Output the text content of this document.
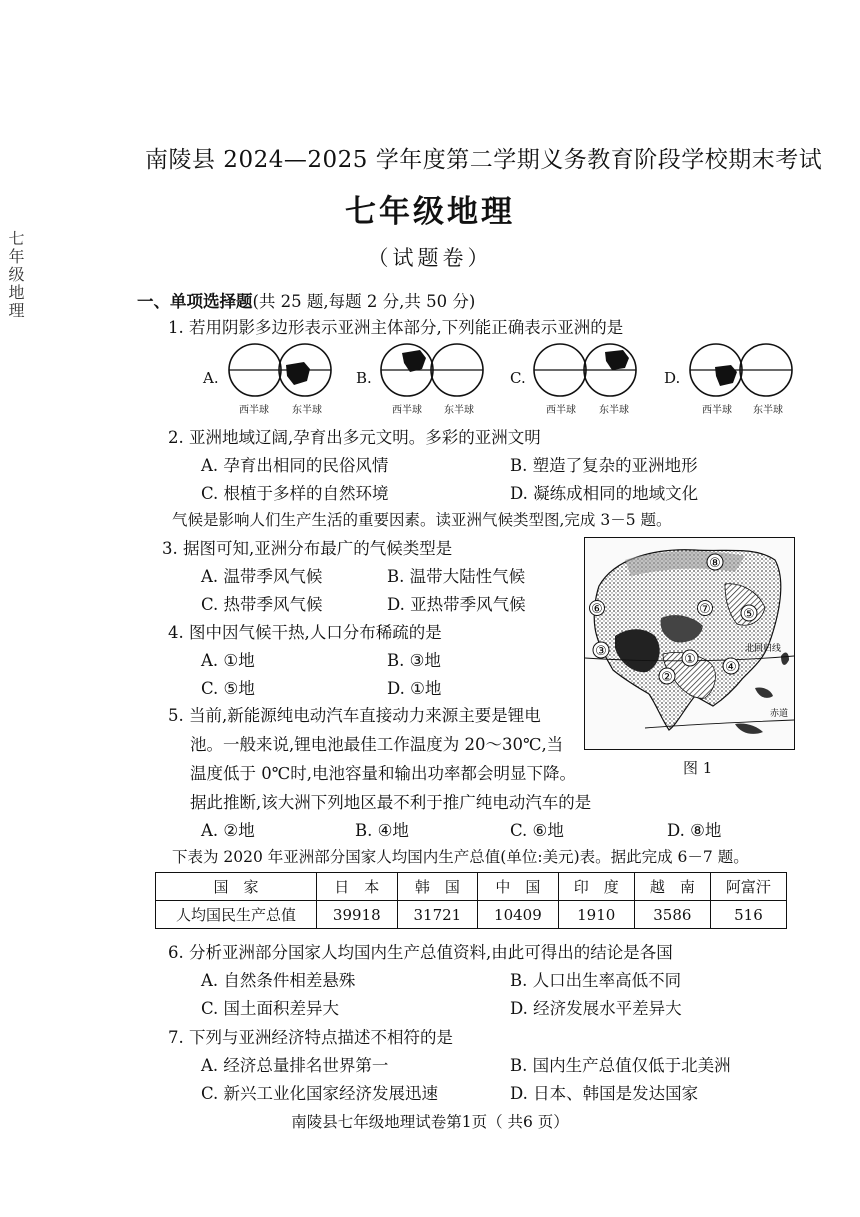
七年级地理
南陵县 2024—2025 学年度第二学期义务教育阶段学校期末考试
七年级地理
（试题卷）
一、单项选择题(共 25 题,每题 2 分,共 50 分)
1. 若用阴影多边形表示亚洲主体部分,下列能正确表示亚洲的是
A.
西半球 东半球
B.
西半球 东半球
C.
西半球 东半球
D.
西半球 东半球
2. 亚洲地域辽阔,孕育出多元文明。多彩的亚洲文明
A. 孕育出相同的民俗风情	B. 塑造了复杂的亚洲地形
C. 根植于多样的自然环境	D. 凝练成相同的地域文化
气候是影响人们生产生活的重要因素。读亚洲气候类型图,完成 3－5 题。
3. 据图可知,亚洲分布最广的气候类型是
A. 温带季风气候	B. 温带大陆性气候
C. 热带季风气候	D. 亚热带季风气候
4. 图中因气候干热,人口分布稀疏的是
A. ①地	B. ③地
C. ⑤地	D. ①地
⑧
⑤
⑥	⑦
③
①
④
②
北回归线
赤道
图 1
5. 当前,新能源纯电动汽车直接动力来源主要是锂电
池。一般来说,锂电池最佳工作温度为 20～30℃,当
温度低于 0℃时,电池容量和输出功率都会明显下降。
据此推断,该大洲下列地区最不利于推广纯电动汽车的是
A. ②地	B. ④地	C. ⑥地	D. ⑧地
下表为 2020 年亚洲部分国家人均国内生产总值(单位:美元)表。据此完成 6－7 题。
国　家	日　本	韩　国	中　国	印　度	越　南	阿富汗
人均国民生产总值	39918	31721	10409	1910	3586	516
6. 分析亚洲部分国家人均国内生产总值资料,由此可得出的结论是各国
A. 自然条件相差悬殊	B. 人口出生率高低不同
C. 国土面积差异大	D. 经济发展水平差异大
7. 下列与亚洲经济特点描述不相符的是
A. 经济总量排名世界第一	B. 国内生产总值仅低于北美洲
C. 新兴工业化国家经济发展迅速	D. 日本、韩国是发达国家
南陵县七年级地理试卷第1页（ 共6 页）
